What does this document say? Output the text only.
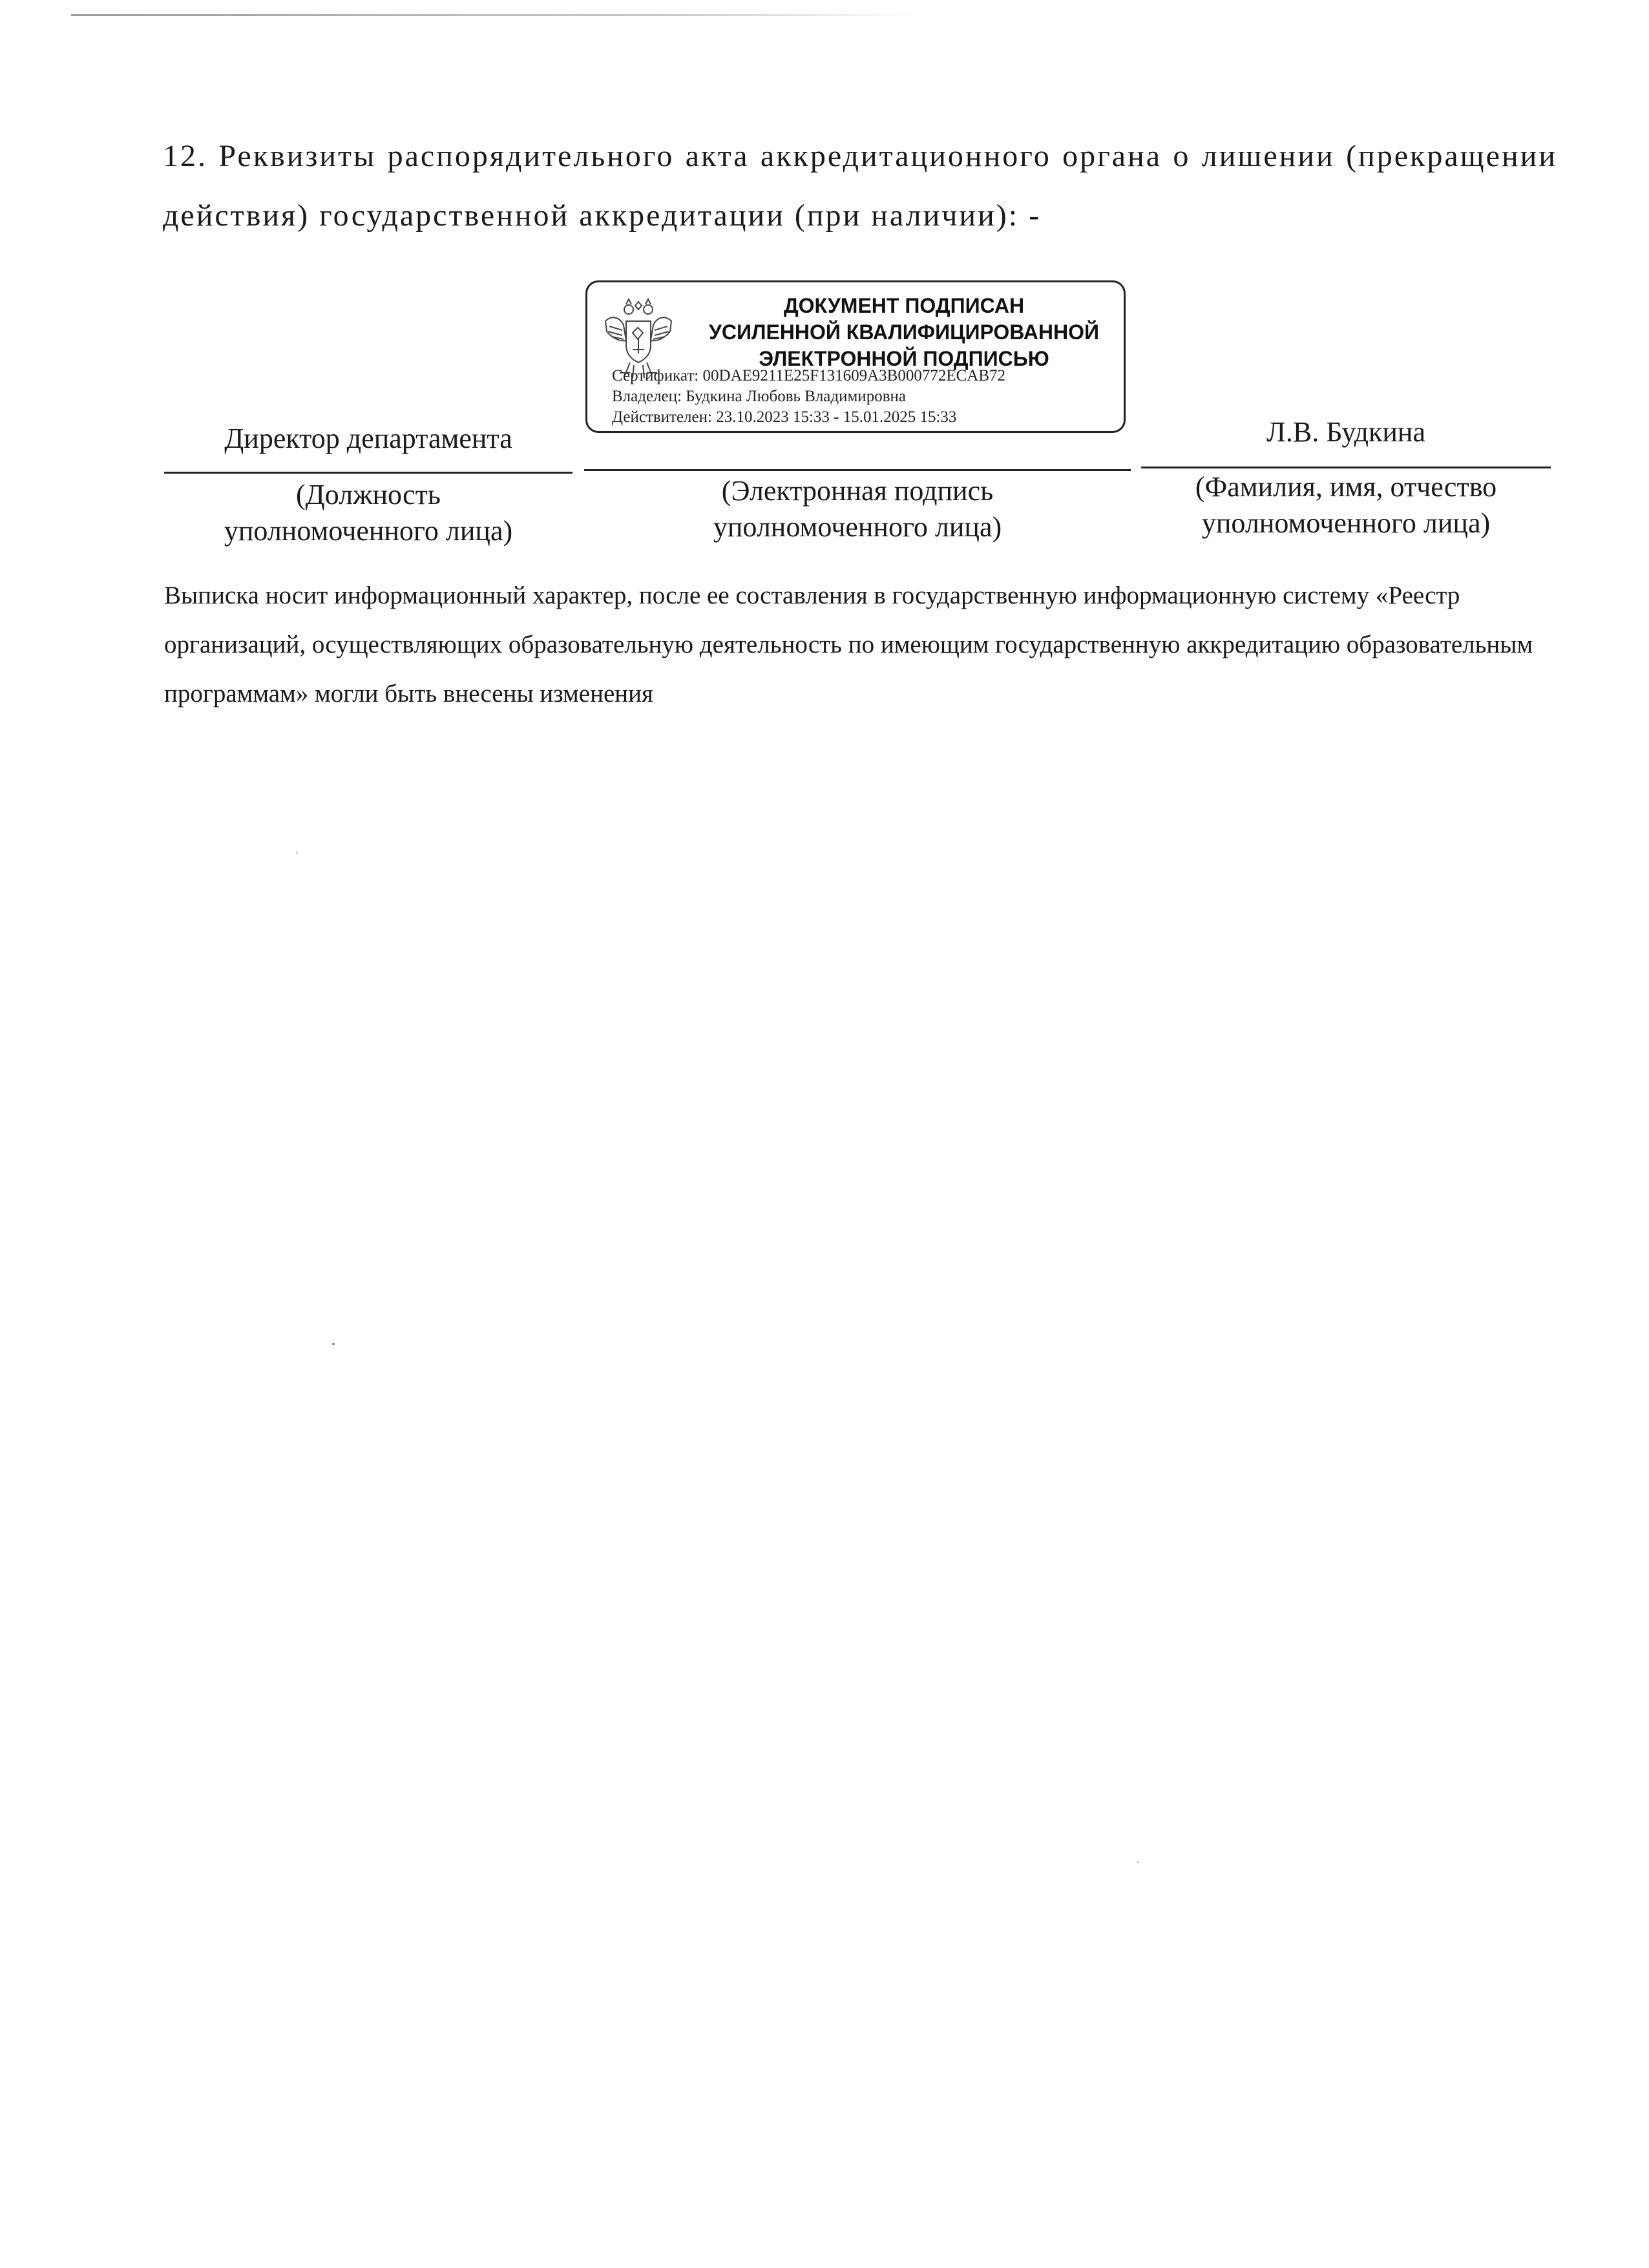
12. Реквизиты распорядительного акта аккредитационного органа о лишении (прекращении действия) государственной аккредитации (при наличии): -
ДОКУМЕНТ ПОДПИСАН
УСИЛЕННОЙ КВАЛИФИЦИРОВАННОЙ
ЭЛЕКТРОННОЙ ПОДПИСЬЮ
Сертификат: 00DAE9211E25F131609A3B000772ECAB72
Владелец: Будкина Любовь Владимировна
Действителен: 23.10.2023 15:33 - 15.01.2025 15:33
Директор департамента	Л.В. Будкина
(Должность
уполномоченного лица)
(Электронная подпись
уполномоченного лица)
(Фамилия, имя, отчество
уполномоченного лица)
Выписка носит информационный характер, после ее составления в государственную информационную систему «Реестр организаций, осуществляющих образовательную деятельность по имеющим государственную аккредитацию образовательным программам» могли быть внесены изменения
